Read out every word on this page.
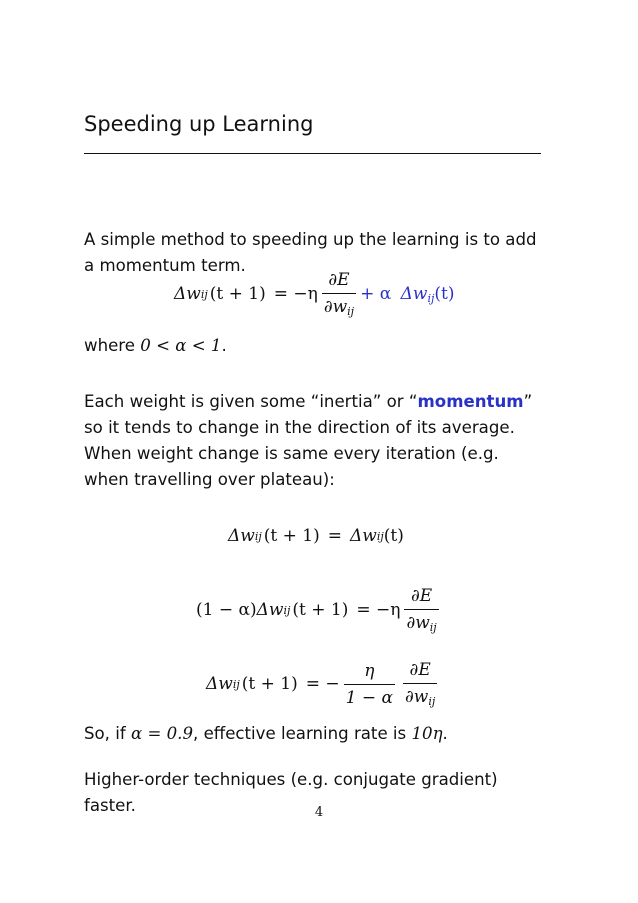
Speeding up Learning
A simple method to speeding up the learning is to add a momentum term.
Δw ij $(t + 1) = -\eta \frac{\partial E}{\partial w_{ij}} + \alpha$ $\Delta w_{ij}(t)$
where 0 < α < 1.
Each weight is given some “inertia” or “momentum” so it tends to change in the direction of its average.
When weight change is same every iteration (e.g. when travelling over plateau):
Δw ij (t + 1) = Δw ij (t)
(1 − α) Δw ij $(t + 1) = -\eta \frac{\partial E}{\partial w_{ij}}$
Δw ij (t + 1) = − $\frac{\eta}{1 - \alpha} \frac{\partial E}{\partial w_{ij}}$
So, if α = 0.9, effective learning rate is 10η.
Higher-order techniques (e.g. conjugate gradient) faster.	4
